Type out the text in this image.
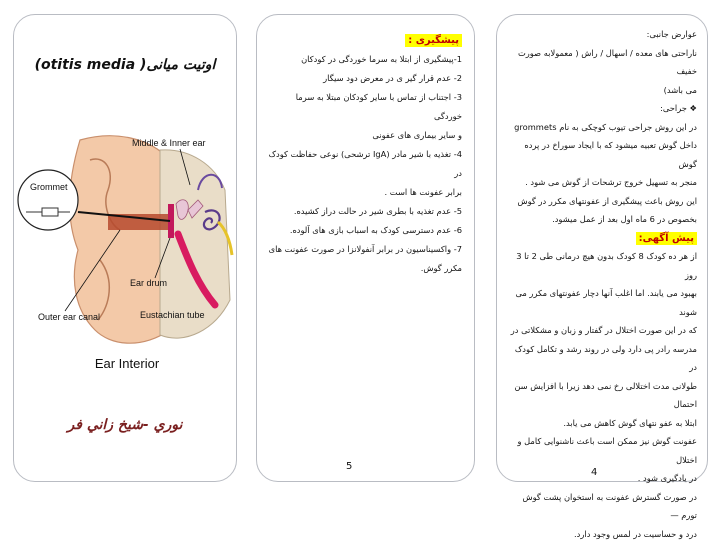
اوتیت میانی( otitis media)
Grommet
Middle & Inner ear
Ear drum
Outer ear canal	Eustachian tube
Ear Interior
نوري -شيخ زاني فر
پیشگیری :
1-پیشگیری از ابتلا به سرما خوردگی در کودکان
2- عدم قرار گیر ی در معرض دود سیگار
3- اجتناب از تماس با سایر کودکان مبتلا به سرما خوردگی
و سایر بیماری های عفونی
4- تغذیه با شیر مادر (IgA ترشحی) نوعی حفاظت کودک در
برابر عفونت ها است .
5- عدم تغذیه با بطری شیر در حالت دراز کشیده.
6- عدم دسترسی کودک به اسباب بازی های آلوده.
7- واکسیناسیون در برابر آنفولانزا در صورت عفونت های
مکرر گوش.
5

عوارض جانبی:

ناراحتی های معده / اسهال / راش ( معمولابه صورت خفیف

می باشد)

❖ جراحی:

در این روش جراحی تیوب کوچکی به نام grommets

داخل گوش تعبیه میشود که با ایجاد سوراخ در پرده گوش

منجر به تسهیل خروج ترشحات از گوش می شود .

این روش باعث پیشگیری از عفونتهای مکرر در گوش

بخصوص در 6 ماه اول بعد از عمل میشود.

پیش آگهی:

از هر ده کودک 8 کودک بدون هیچ درمانی طی 2 تا 3 روز

بهبود می یابند. اما اغلب آنها دچار عفونتهای مکرر می شوند

که در این صورت اختلال در گفتار و زبان و مشکلاتی در

مدرسه رادر پی دارد ولی در روند رشد و تکامل کودک در

طولانی مدت اختلالی رخ نمی دهد زیرا با افزایش سن احتمال

ابتلا به عفو نتهای گوش کاهش می یابد.

عفونت گوش نیز ممکن است باعث ناشنوایی کامل و اختلال

در یادگیری شود .

در صورت گسترش عفونت به استخوان پشت گوش تورم —

درد و حساسیت در لمس وجود دارد.

4
